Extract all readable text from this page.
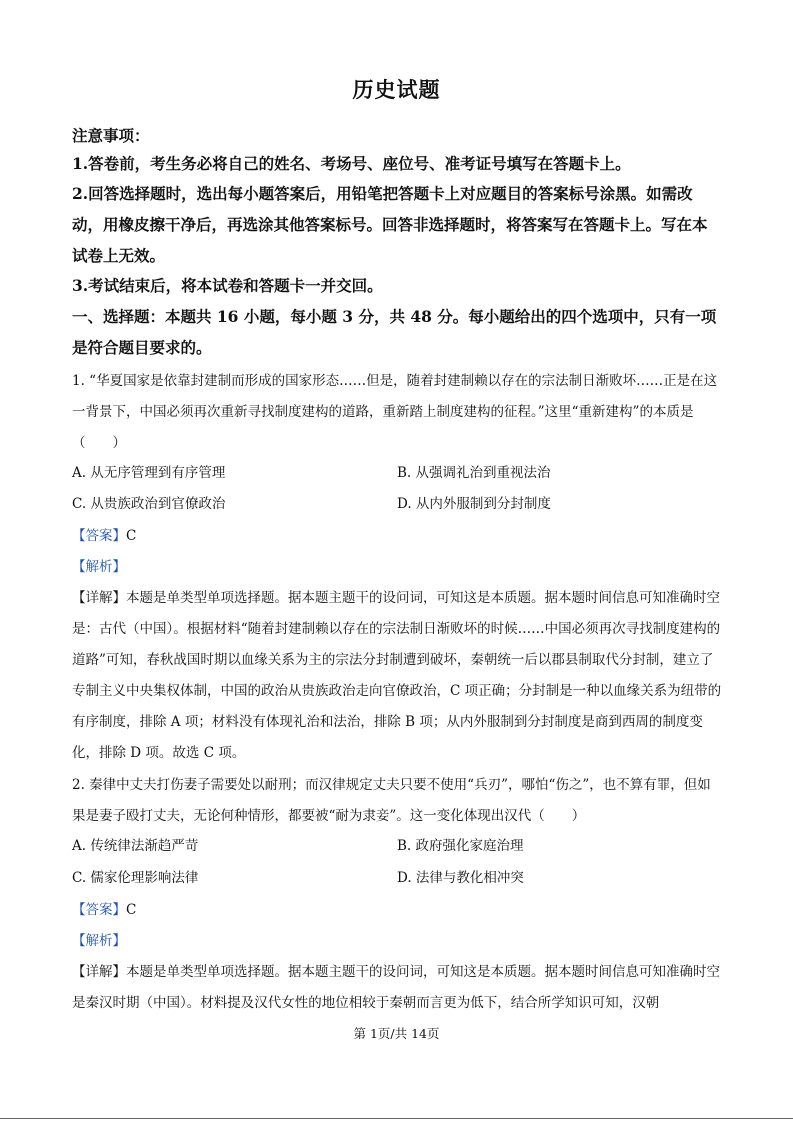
历史试题
注意事项：
1.答卷前，考生务必将自己的姓名、考场号、座位号、准考证号填写在答题卡上。
2.回答选择题时，选出每小题答案后，用铅笔把答题卡上对应题目的答案标号涂黑。如需改动，用橡皮擦干净后，再选涂其他答案标号。回答非选择题时，将答案写在答题卡上。写在本试卷上无效。
3.考试结束后，将本试卷和答题卡一并交回。
一、选择题：本题共 16 小题，每小题 3 分，共 48 分。每小题给出的四个选项中，只有一项是符合题目要求的。
1. “华夏国家是依靠封建制而形成的国家形态……但是，随着封建制赖以存在的宗法制日渐败坏……正是在这一背景下，中国必须再次重新寻找制度建构的道路，重新踏上制度建构的征程。”这里“重新建构”的本质是（　　）
A. 从无序管理到有序管理	B. 从强调礼治到重视法治
C. 从贵族政治到官僚政治	D. 从内外服制到分封制度
【答案】C
【解析】
【详解】本题是单类型单项选择题。据本题主题干的设问词，可知这是本质题。据本题时间信息可知准确时空是：古代（中国）。根据材料“随着封建制赖以存在的宗法制日渐败坏的时候……中国必须再次寻找制度建构的道路”可知，春秋战国时期以血缘关系为主的宗法分封制遭到破坏，秦朝统一后以郡县制取代分封制，建立了专制主义中央集权体制，中国的政治从贵族政治走向官僚政治，C 项正确；分封制是一种以血缘关系为纽带的有序制度，排除 A 项；材料没有体现礼治和法治，排除 B 项；从内外服制到分封制度是商到西周的制度变化，排除 D 项。故选 C 项。
2. 秦律中丈夫打伤妻子需要处以耐刑；而汉律规定丈夫只要不使用“兵刃”，哪怕“伤之”，也不算有罪，但如果是妻子殴打丈夫，无论何种情形，都要被“耐为隶妾”。这一变化体现出汉代（　　）
A. 传统律法渐趋严苛	B. 政府强化家庭治理
C. 儒家伦理影响法律	D. 法律与教化相冲突
【答案】C
【解析】
【详解】本题是单类型单项选择题。据本题主题干的设问词，可知这是本质题。据本题时间信息可知准确时空是秦汉时期（中国）。材料提及汉代女性的地位相较于秦朝而言更为低下，结合所学知识可知，汉朝
第 1页/共 14页
